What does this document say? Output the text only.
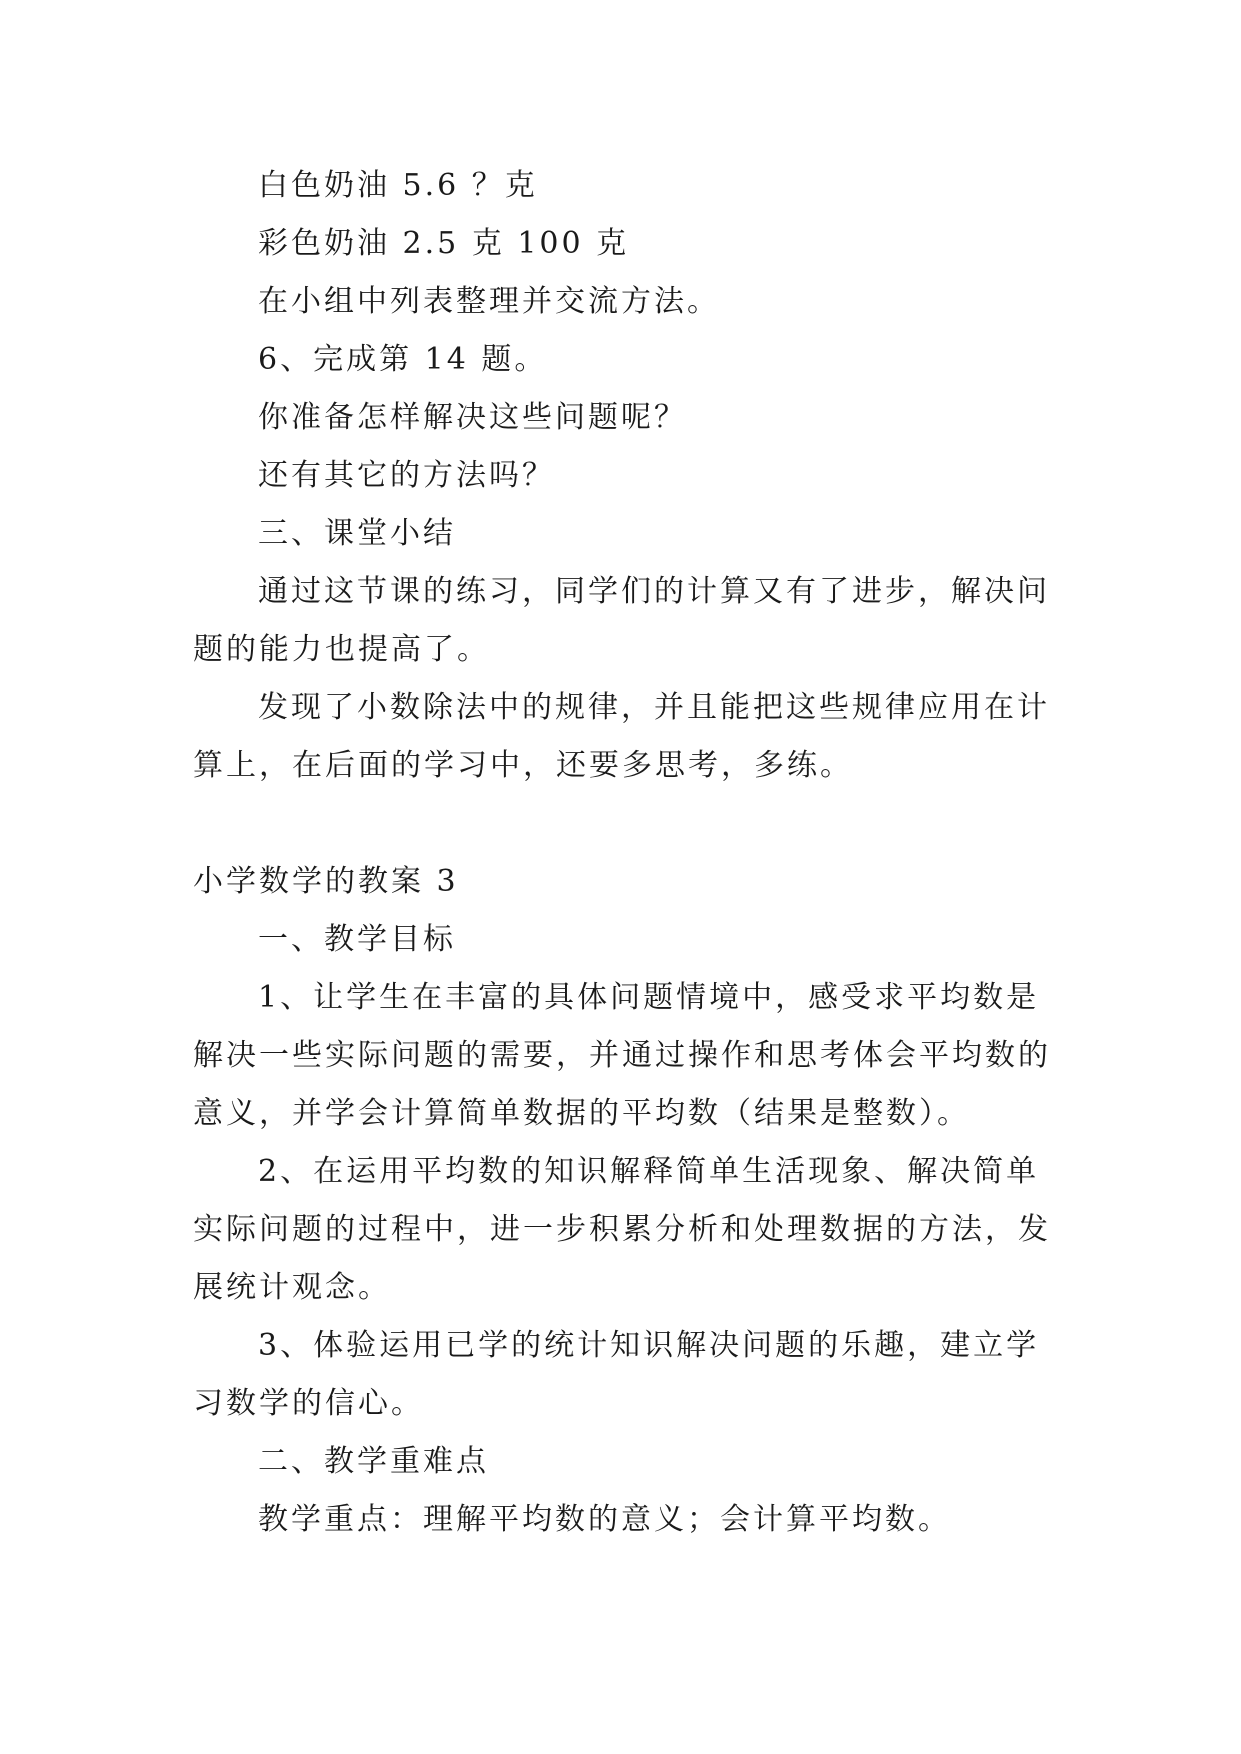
白色奶油 5.6 ？克

彩色奶油 2.5 克 100 克

在小组中列表整理并交流方法。

6、完成第 14 题。

你准备怎样解决这些问题呢？

还有其它的方法吗？

三、课堂小结

通过这节课的练习，同学们的计算又有了进步，解决问

题的能力也提高了。

发现了小数除法中的规律，并且能把这些规律应用在计

算上，在后面的学习中，还要多思考，多练。

小学数学的教案 3

一、教学目标

1、让学生在丰富的具体问题情境中，感受求平均数是

解决一些实际问题的需要，并通过操作和思考体会平均数的

意义，并学会计算简单数据的平均数（结果是整数）。

2、在运用平均数的知识解释简单生活现象、解决简单

实际问题的过程中，进一步积累分析和处理数据的方法，发

展统计观念。

3、体验运用已学的统计知识解决问题的乐趣，建立学

习数学的信心。

二、教学重难点

教学重点：理解平均数的意义；会计算平均数。
